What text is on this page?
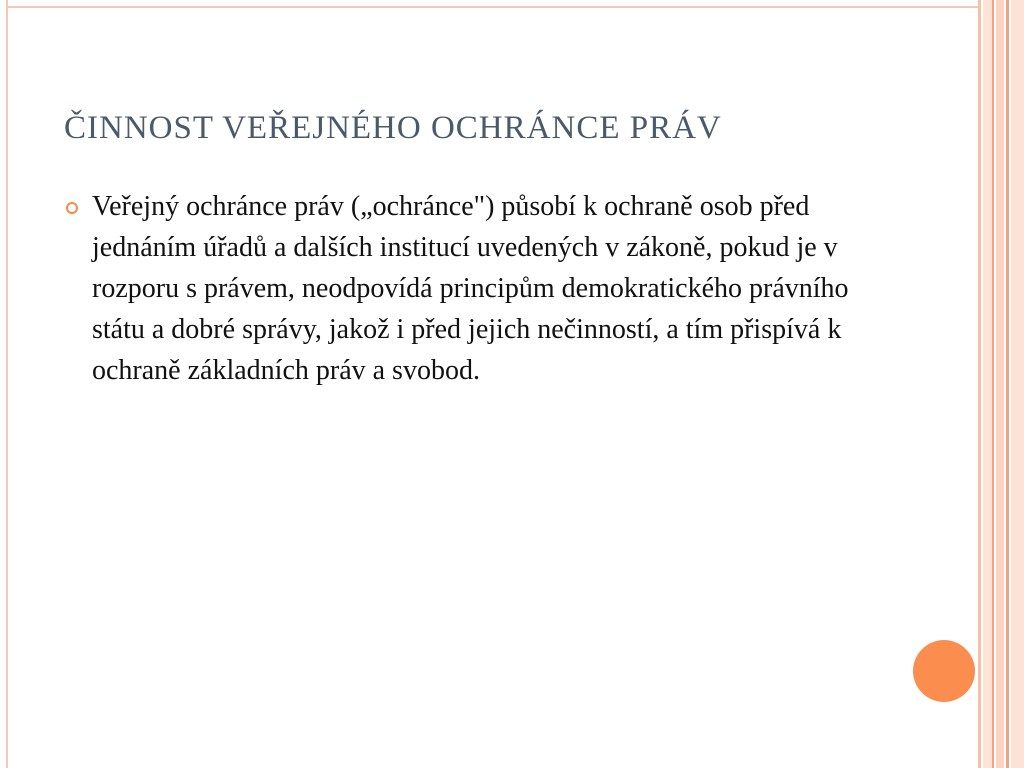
ČINNOST VEŘEJNÉHO OCHRÁNCE PRÁV

Veřejný ochránce práv („ochránce") působí k ochraně osob před jednáním úřadů a dalších institucí uvedených v zákoně, pokud je v rozporu s právem, neodpovídá principům demokratického právního státu a dobré správy, jakož i před jejich nečinností, a tím přispívá k ochraně základních práv a svobod.
